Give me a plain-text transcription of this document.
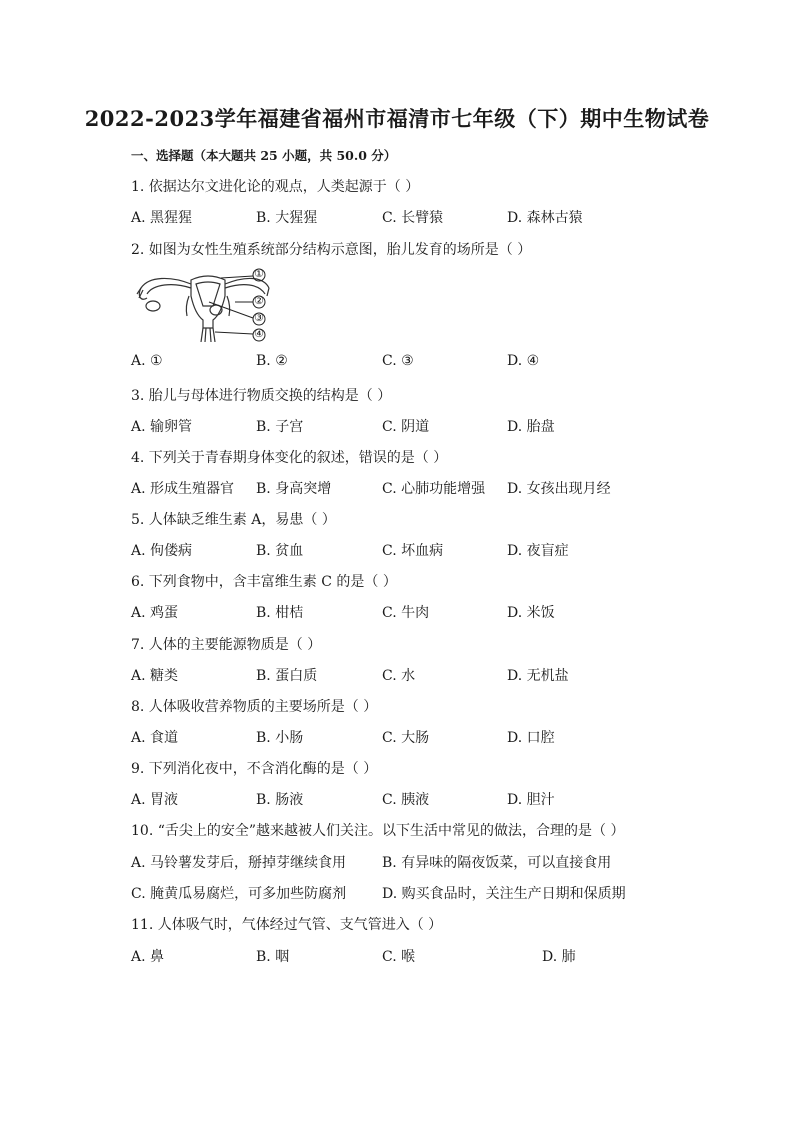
2022-2023学年福建省福州市福清市七年级（下）期中生物试卷
一、选择题（本大题共 25 小题，共 50.0 分）
1. 依据达尔文进化论的观点，人类起源于（ ）
A. 黑猩猩	B. 大猩猩	C. 长臂猿	D. 森林古猿
2. 如图为女性生殖系统部分结构示意图，胎儿发育的场所是（ ）
①
②
③
④
A. ①	B. ②	C. ③	D. ④
3. 胎儿与母体进行物质交换的结构是（ ）
A. 输卵管	B. 子宫	C. 阴道	D. 胎盘
4. 下列关于青春期身体变化的叙述，错误的是（ ）
A. 形成生殖器官 B. 身高突增	C. 心肺功能增强 D. 女孩出现月经
5. 人体缺乏维生素 A，易患（ ）
A. 佝偻病	B. 贫血	C. 坏血病	D. 夜盲症
6. 下列食物中，含丰富维生素 C 的是（ ）
A. 鸡蛋	B. 柑桔	C. 牛肉	D. 米饭
7. 人体的主要能源物质是（ ）
A. 糖类	B. 蛋白质	C. 水	D. 无机盐
8. 人体吸收营养物质的主要场所是（ ）
A. 食道	B. 小肠	C. 大肠	D. 口腔
9. 下列消化夜中，不含消化酶的是（ ）
A. 胃液	B. 肠液	C. 胰液	D. 胆汁
10. “舌尖上的安全”越来越被人们关注。以下生活中常见的做法，合理的是（ ）
A. 马铃薯发芽后，掰掉芽继续食用	B. 有异味的隔夜饭菜，可以直接食用
C. 腌黄瓜易腐烂，可多加些防腐剂	D. 购买食品时，关注生产日期和保质期
11. 人体吸气时，气体经过气管、支气管进入（ ）
A. 鼻	B. 咽	C. 喉	D. 肺
